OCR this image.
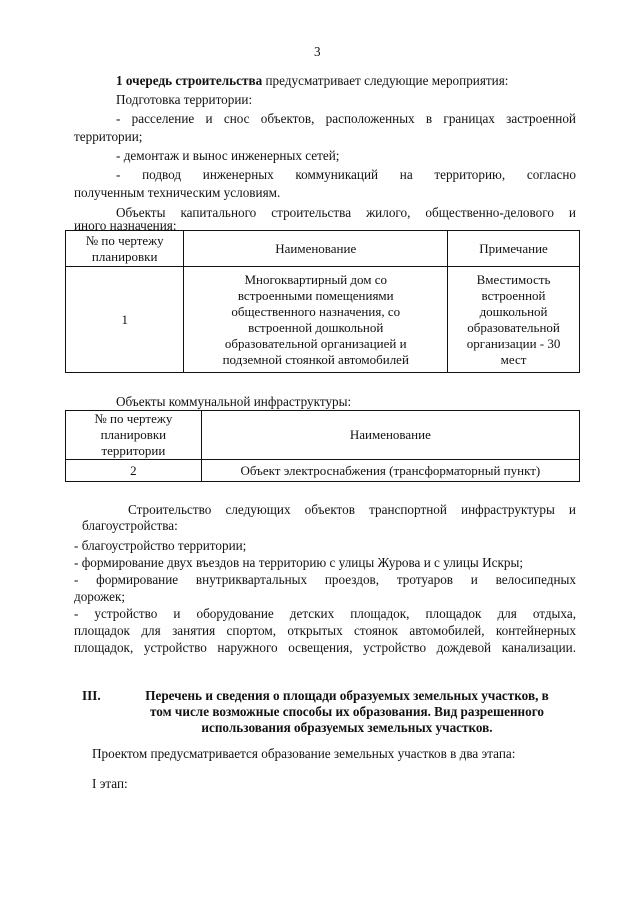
3
1 очередь строительства предусматривает следующие мероприятия:
Подготовка территории:
- расселение и снос объектов, расположенных в границах застроенной
территории;
- демонтаж и вынос инженерных сетей;
- подвод инженерных коммуникаций на территорию, согласно
полученным техническим условиям.
Объекты капитального строительства жилого, общественно-делового и
иного назначения:
№ по чертежу планировки	Наименование	Примечание
1	Многоквартирный дом со встроенными помещениями общественного назначения, со встроенной дошкольной образовательной организацией и подземной стоянкой автомобилей	Вместимость встроенной дошкольной образовательной организации - 30 мест
Объекты коммунальной инфраструктуры:
№ по чертежу планировки территории	Наименование
2	Объект электроснабжения (трансформаторный пункт)
Строительство следующих объектов транспортной инфраструктуры и
благоустройства:
- благоустройство территории;
- формирование двух въездов на территорию с улицы Журова и с улицы Искры;
- формирование внутриквартальных проездов, тротуаров и велосипедных
дорожек;
- устройство и оборудование детских площадок, площадок для отдыха,
площадок для занятия спортом, открытых стоянок автомобилей, контейнерных
площадок, устройство наружного освещения, устройство дождевой канализации.
III.	Перечень и сведения о площади образуемых земельных участков, в
том числе возможные способы их образования. Вид разрешенного
использования образуемых земельных участков.
Проектом предусматривается образование земельных участков в два этапа:
I этап:
